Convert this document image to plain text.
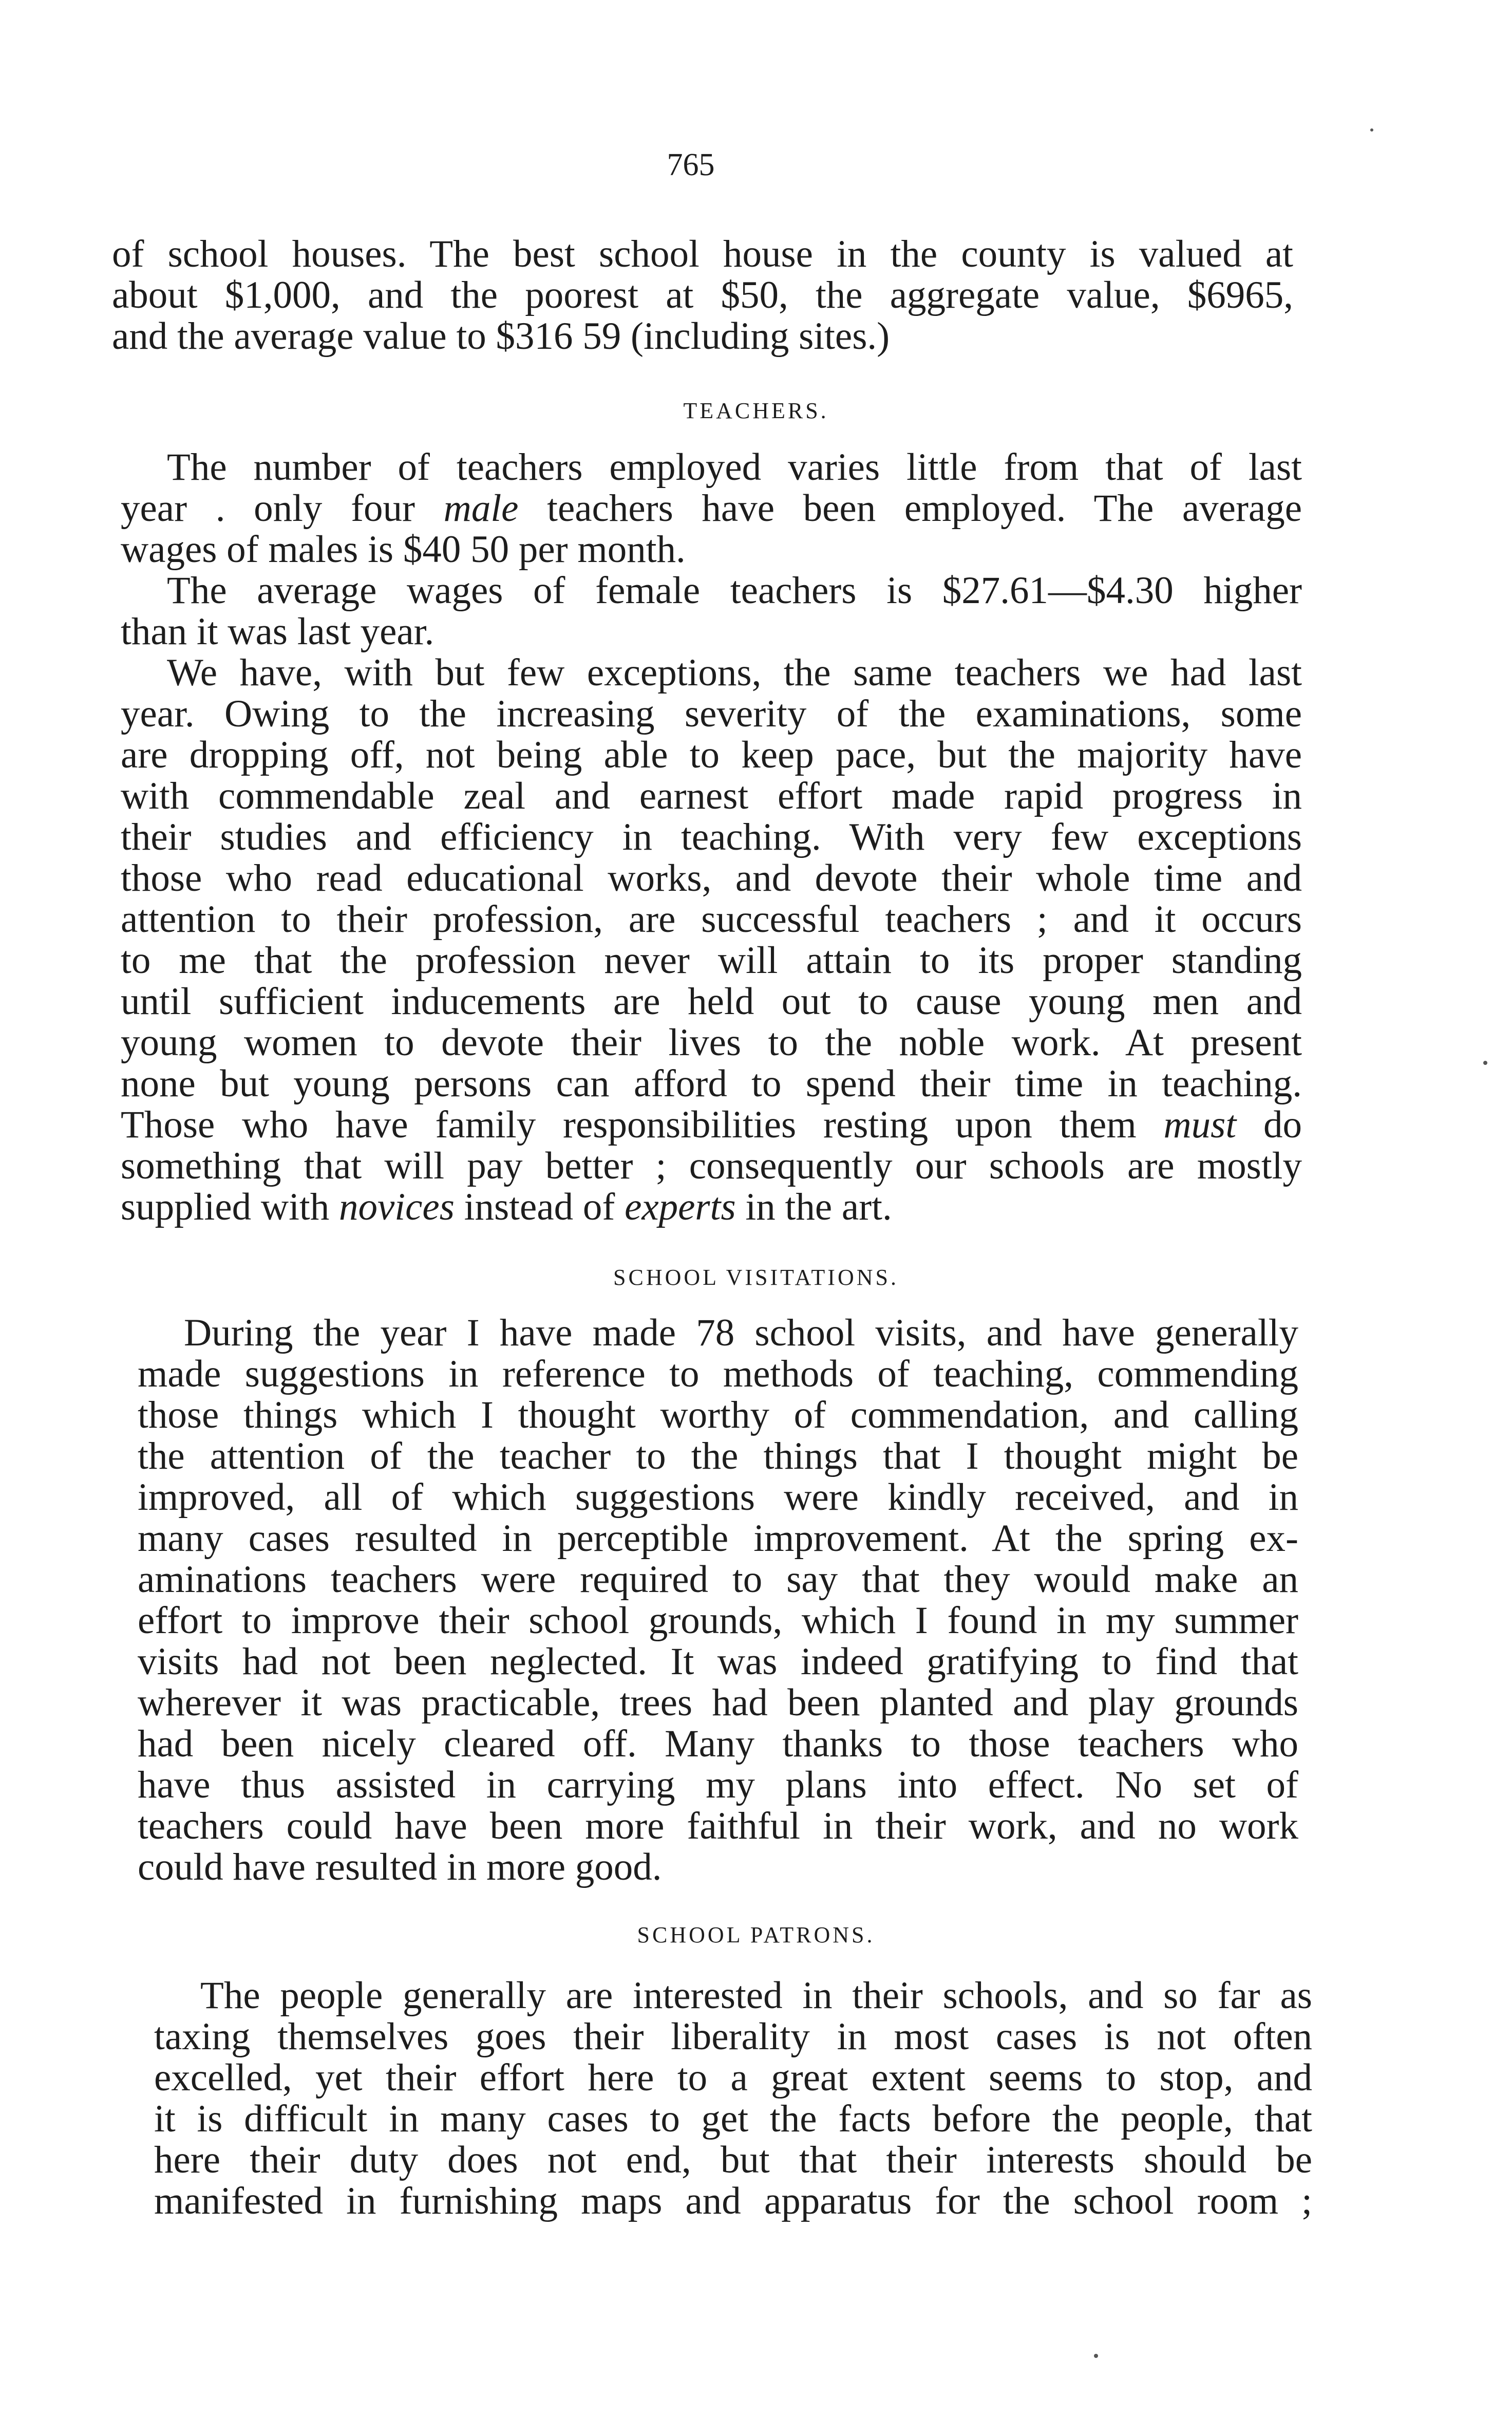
765
of school houses. The best school house in the county is valued at
about $1,000, and the poorest at $50, the aggregate value, $6965,
and the average value to $316 59 (including sites.)
TEACHERS.
The number of teachers employed varies little from that of last
year . only four male teachers have been employed. The average
wages of males is $40 50 per month.
The average wages of female teachers is $27.61—$4.30 higher
than it was last year.
We have, with but few exceptions, the same teachers we had last
year. Owing to the increasing severity of the examinations, some
are dropping off, not being able to keep pace, but the majority have
with commendable zeal and earnest effort made rapid progress in
their studies and efficiency in teaching. With very few exceptions
those who read educational works, and devote their whole time and
attention to their profession, are successful teachers ; and it occurs
to me that the profession never will attain to its proper standing
until sufficient inducements are held out to cause young men and
young women to devote their lives to the noble work. At present
none but young persons can afford to spend their time in teaching.
Those who have family responsibilities resting upon them must do
something that will pay better ; consequently our schools are mostly
supplied with novices instead of experts in the art.
SCHOOL VISITATIONS.
During the year I have made 78 school visits, and have generally
made suggestions in reference to methods of teaching, commending
those things which I thought worthy of commendation, and calling
the attention of the teacher to the things that I thought might be
improved, all of which suggestions were kindly received, and in
many cases resulted in perceptible improvement. At the spring ex-
aminations teachers were required to say that they would make an
effort to improve their school grounds, which I found in my summer
visits had not been neglected. It was indeed gratifying to find that
wherever it was practicable, trees had been planted and play grounds
had been nicely cleared off. Many thanks to those teachers who
have thus assisted in carrying my plans into effect. No set of
teachers could have been more faithful in their work, and no work
could have resulted in more good.
SCHOOL PATRONS.
The people generally are interested in their schools, and so far as
taxing themselves goes their liberality in most cases is not often
excelled, yet their effort here to a great extent seems to stop, and
it is difficult in many cases to get the facts before the people, that
here their duty does not end, but that their interests should be
manifested in furnishing maps and apparatus for the school room ;
